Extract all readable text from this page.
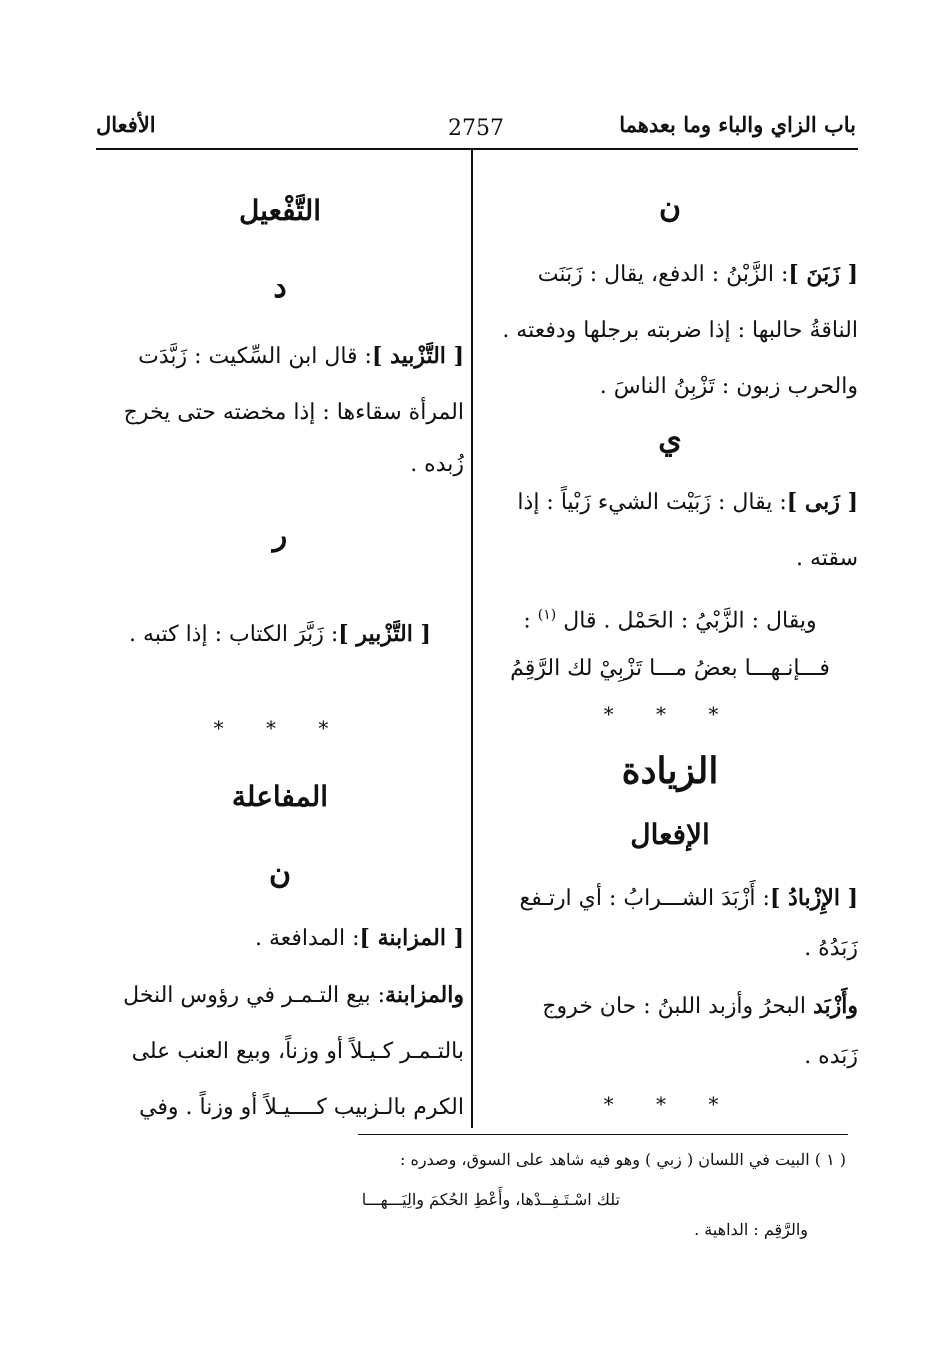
باب الزاي والباء وما بعدهما
2757
الأفعال
ن

[ زَبَنَ ]: الزَّبْنُ : الدفع، يقال : زَبَنَت

الناقةُ حالبها : إذا ضربته برجلها ودفعته .

والحرب زبون : تَزْبِنُ الناسَ .

ي

[ زَبى ]: يقال : زَبَيْت الشيء زَبْياً : إذا

سقته .

ويقال : الزَّبْيُ : الحَمْل . قال $^{(١)}$ :

فـــإنـهـــا بعضُ مـــا تَزْبِيْ لك الرَّقِمُ

* * *
الزيادة
الإفعال

[ الإِزْبادُ ]: أَزْبَدَ الشـــرابُ : أي ارتـفع

زَبَدُهُ .

وأَزْبَد البحرُ وأزبد اللبنُ : حان خروج

زَبَده .

* * *
التَّفْعيل
د

[ التَّزْبيد ]: قال ابن السِّكيت : زَبَّدَت

المرأة سقاءها : إذا مخضته حتى يخرج

زُبده .

ر

[ التَّزْبير ]: زَبَّرَ الكتاب : إذا كتبه .

* * *
المفاعلة
ن

[ المزابنة ]: المدافعة .

والمزابنة: بيع التـمـر في رؤوس النخل

بالتـمـر كـيـلاً أو وزناً، وبيع العنب على

الكرم بالـزبيب كــــيـلاً أو وزناً . وفي

( ١ ) البيت في اللسان ( زبي ) وهو فيه شاهد على السوق، وصدره :
تلك اسْـتَـفِــدْها، وأَعْطِ الحُكمَ والِيَـــهـــا
والرَّقِم : الداهية .
